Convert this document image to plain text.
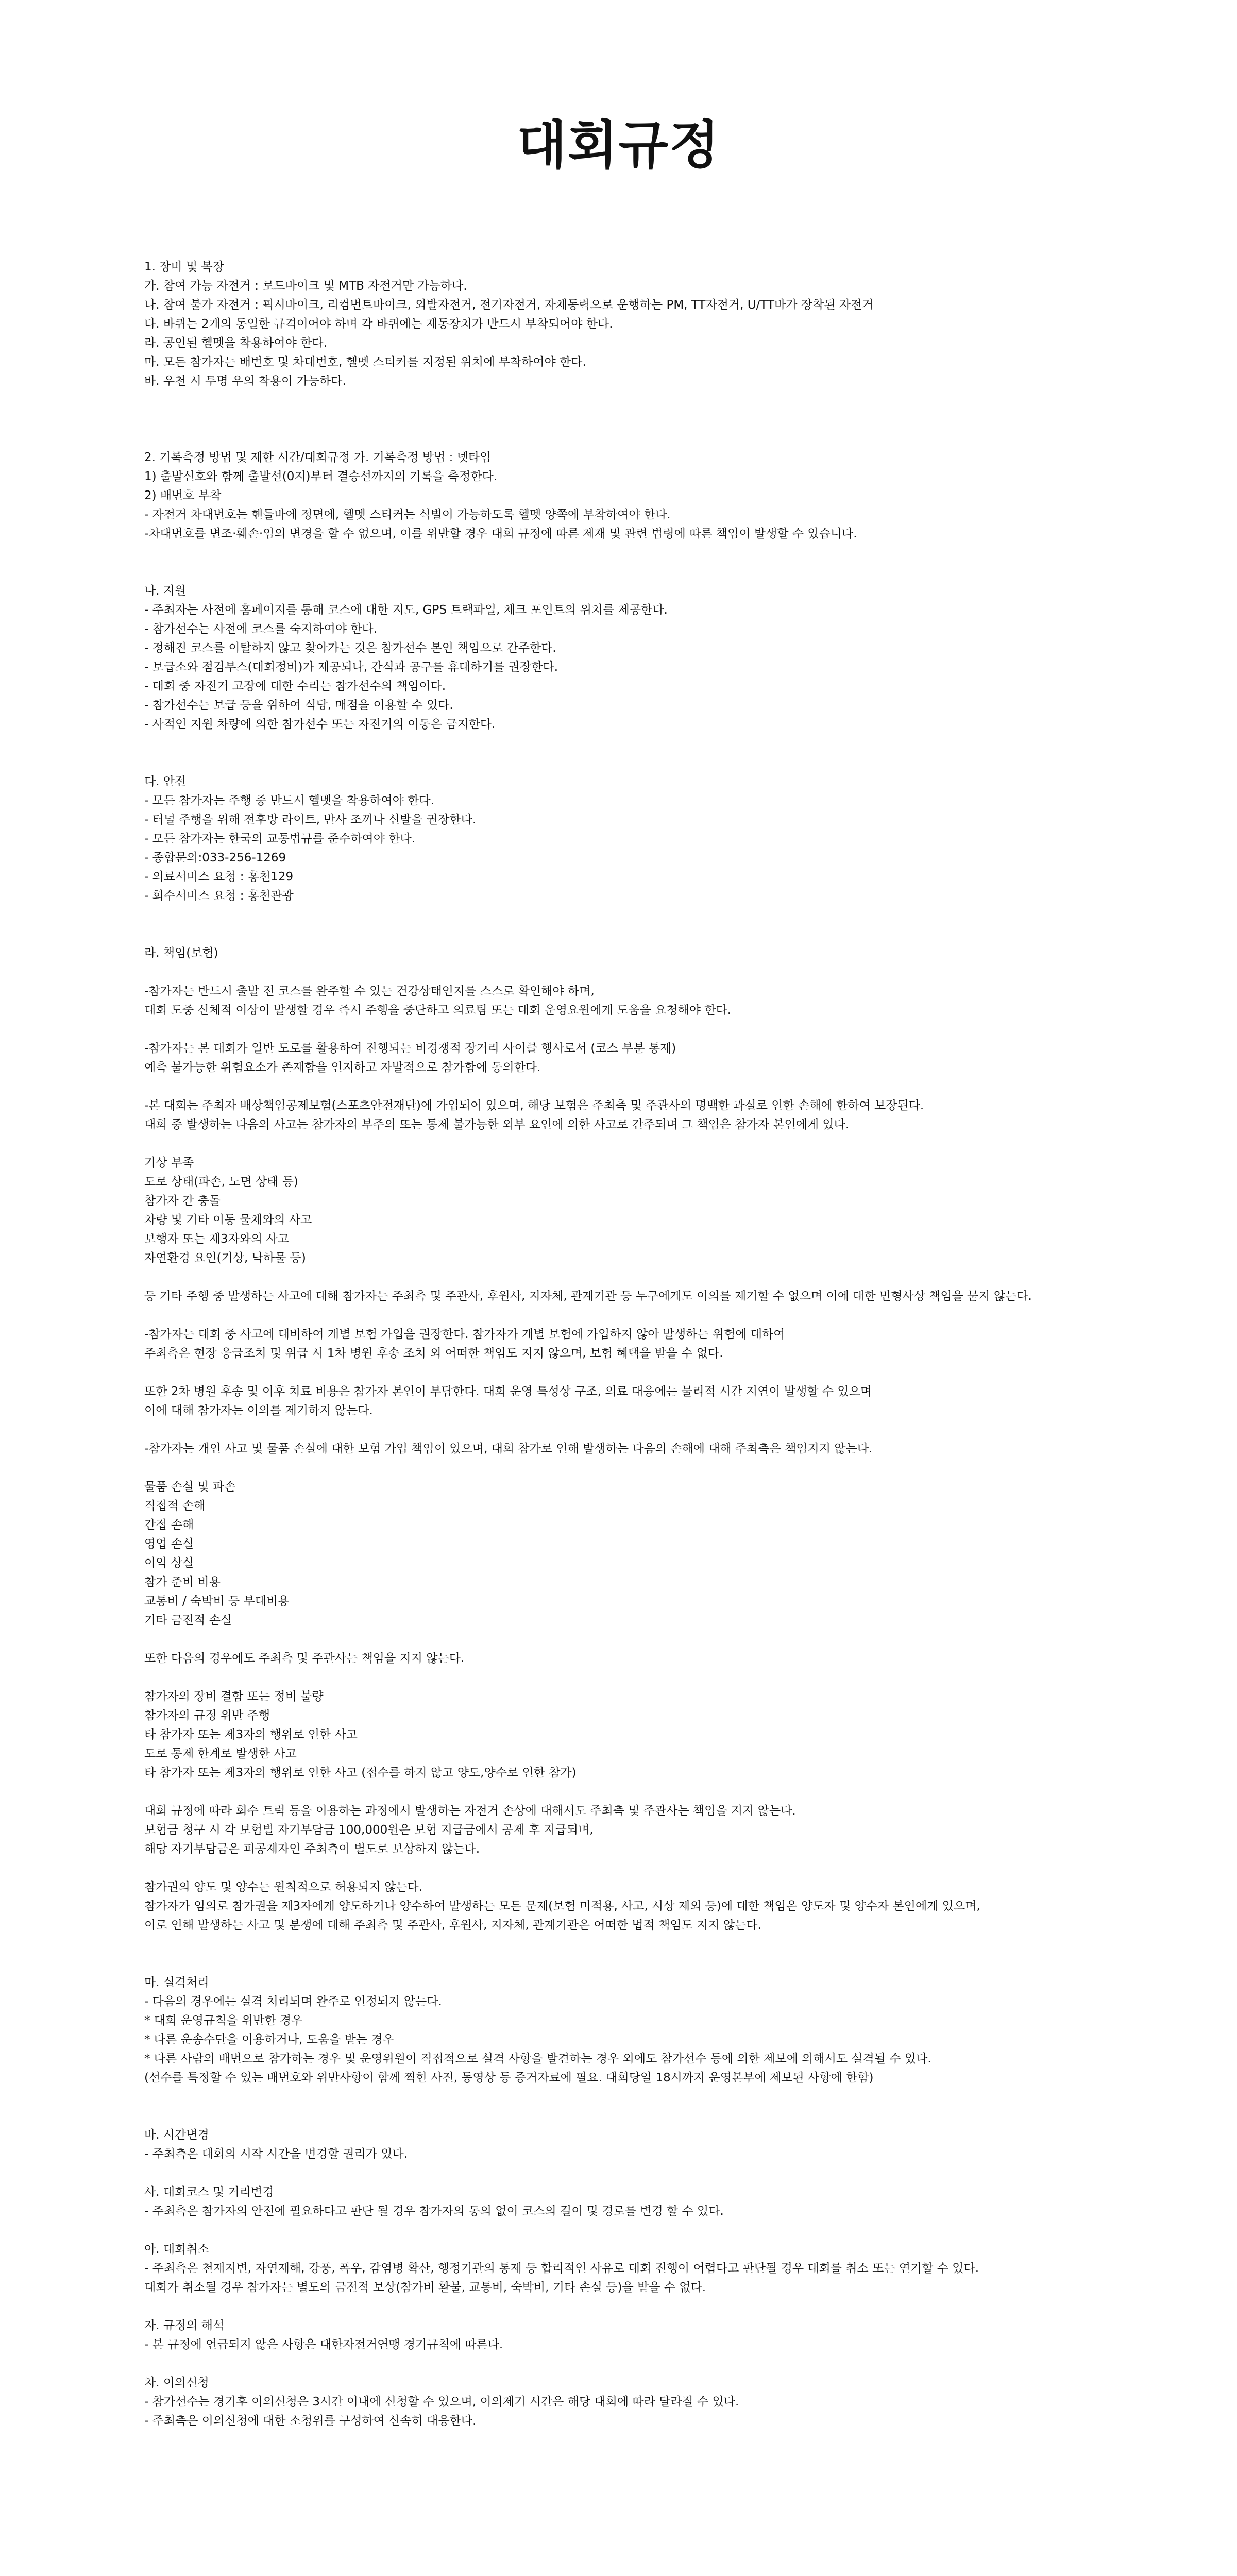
대회규정
1. 장비 및 복장
가. 참여 가능 자전거 : 로드바이크 및 MTB 자전거만 가능하다.
나. 참여 불가 자전거 : 픽시바이크, 리컴번트바이크, 외발자전거, 전기자전거, 자체동력으로 운행하는 PM, TT자전거, U/TT바가 장착된 자전거
다. 바퀴는 2개의 동일한 규격이어야 하며 각 바퀴에는 제동장치가 반드시 부착되어야 한다.
라. 공인된 헬멧을 착용하여야 한다.
마. 모든 참가자는 배번호 및 차대번호, 헬멧 스티커를 지정된 위치에 부착하여야 한다.
바. 우천 시 투명 우의 착용이 가능하다.
2. 기록측정 방법 및 제한 시간/대회규정 가. 기록측정 방법 : 넷타임
1) 출발신호와 함께 출발선(0지)부터 결승선까지의 기록을 측정한다.
2) 배번호 부착
- 자전거 차대번호는 핸들바에 정면에, 헬멧 스티커는 식별이 가능하도록 헬멧 양쪽에 부착하여야 한다.
-차대번호를 변조·훼손·임의 변경을 할 수 없으며, 이를 위반할 경우 대회 규정에 따른 제재 및 관련 법령에 따른 책임이 발생할 수 있습니다.
나. 지원
- 주최자는 사전에 홈페이지를 통해 코스에 대한 지도, GPS 트랙파일, 체크 포인트의 위치를 제공한다.
- 참가선수는 사전에 코스를 숙지하여야 한다.
- 정해진 코스를 이탈하지 않고 찾아가는 것은 참가선수 본인 책임으로 간주한다.
- 보급소와 점검부스(대회정비)가 제공되나, 간식과 공구를 휴대하기를 권장한다.
- 대회 중 자전거 고장에 대한 수리는 참가선수의 책임이다.
- 참가선수는 보급 등을 위하여 식당, 매점을 이용할 수 있다.
- 사적인 지원 차량에 의한 참가선수 또는 자전거의 이동은 금지한다.
다. 안전
- 모든 참가자는 주행 중 반드시 헬멧을 착용하여야 한다.
- 터널 주행을 위해 전후방 라이트, 반사 조끼나 신발을 권장한다.
- 모든 참가자는 한국의 교통법규를 준수하여야 한다.
- 종합문의:033-256-1269
- 의료서비스 요청 : 홍천129
- 회수서비스 요청 : 홍천관광
라. 책임(보험)
-참가자는 반드시 출발 전 코스를 완주할 수 있는 건강상태인지를 스스로 확인해야 하며,
대회 도중 신체적 이상이 발생할 경우 즉시 주행을 중단하고 의료팀 또는 대회 운영요원에게 도움을 요청해야 한다.
-참가자는 본 대회가 일반 도로를 활용하여 진행되는 비경쟁적 장거리 사이클 행사로서 (코스 부분 통제)
예측 불가능한 위험요소가 존재함을 인지하고 자발적으로 참가함에 동의한다.
-본 대회는 주최자 배상책임공제보험(스포츠안전재단)에 가입되어 있으며, 해당 보험은 주최측 및 주관사의 명백한 과실로 인한 손해에 한하여 보장된다.
대회 중 발생하는 다음의 사고는 참가자의 부주의 또는 통제 불가능한 외부 요인에 의한 사고로 간주되며 그 책임은 참가자 본인에게 있다.
기상 부족
도로 상태(파손, 노면 상태 등)
참가자 간 충돌
차량 및 기타 이동 물체와의 사고
보행자 또는 제3자와의 사고
자연환경 요인(기상, 낙하물 등)
등 기타 주행 중 발생하는 사고에 대해 참가자는 주최측 및 주관사, 후원사, 지자체, 관계기관 등 누구에게도 이의를 제기할 수 없으며 이에 대한 민형사상 책임을 묻지 않는다.
-참가자는 대회 중 사고에 대비하여 개별 보험 가입을 권장한다. 참가자가 개별 보험에 가입하지 않아 발생하는 위험에 대하여
주최측은 현장 응급조치 및 위급 시 1차 병원 후송 조치 외 어떠한 책임도 지지 않으며, 보험 혜택을 받을 수 없다.
또한 2차 병원 후송 및 이후 치료 비용은 참가자 본인이 부담한다. 대회 운영 특성상 구조, 의료 대응에는 물리적 시간 지연이 발생할 수 있으며
이에 대해 참가자는 이의를 제기하지 않는다.
-참가자는 개인 사고 및 물품 손실에 대한 보험 가입 책임이 있으며, 대회 참가로 인해 발생하는 다음의 손해에 대해 주최측은 책임지지 않는다.
물품 손실 및 파손
직접적 손해
간접 손해
영업 손실
이익 상실
참가 준비 비용
교통비 / 숙박비 등 부대비용
기타 금전적 손실
또한 다음의 경우에도 주최측 및 주관사는 책임을 지지 않는다.
참가자의 장비 결함 또는 정비 불량
참가자의 규정 위반 주행
타 참가자 또는 제3자의 행위로 인한 사고
도로 통제 한계로 발생한 사고
타 참가자 또는 제3자의 행위로 인한 사고 (접수를 하지 않고 양도,양수로 인한 참가)
대회 규정에 따라 회수 트럭 등을 이용하는 과정에서 발생하는 자전거 손상에 대해서도 주최측 및 주관사는 책임을 지지 않는다.
보험금 청구 시 각 보험별 자기부담금 100,000원은 보험 지급금에서 공제 후 지급되며,
해당 자기부담금은 피공제자인 주최측이 별도로 보상하지 않는다.
참가권의 양도 및 양수는 원칙적으로 허용되지 않는다.
참가자가 임의로 참가권을 제3자에게 양도하거나 양수하여 발생하는 모든 문제(보험 미적용, 사고, 시상 제외 등)에 대한 책임은 양도자 및 양수자 본인에게 있으며,
이로 인해 발생하는 사고 및 분쟁에 대해 주최측 및 주관사, 후원사, 지자체, 관계기관은 어떠한 법적 책임도 지지 않는다.
마. 실격처리
- 다음의 경우에는 실격 처리되며 완주로 인정되지 않는다.
* 대회 운영규칙을 위반한 경우
* 다른 운송수단을 이용하거나, 도움을 받는 경우
* 다른 사람의 배번으로 참가하는 경우 및 운영위원이 직접적으로 실격 사항을 발견하는 경우 외에도 참가선수 등에 의한 제보에 의해서도 실격될 수 있다.
(선수를 특정할 수 있는 배번호와 위반사항이 함께 찍힌 사진, 동영상 등 증거자료에 필요. 대회당일 18시까지 운영본부에 제보된 사항에 한함)
바. 시간변경
- 주최측은 대회의 시작 시간을 변경할 권리가 있다.
사. 대회코스 및 거리변경
- 주최측은 참가자의 안전에 필요하다고 판단 될 경우 참가자의 동의 없이 코스의 길이 및 경로를 변경 할 수 있다.
아. 대회취소
- 주최측은 천재지변, 자연재해, 강풍, 폭우, 감염병 확산, 행정기관의 통제 등 합리적인 사유로 대회 진행이 어렵다고 판단될 경우 대회를 취소 또는 연기할 수 있다.
대회가 취소될 경우 참가자는 별도의 금전적 보상(참가비 환불, 교통비, 숙박비, 기타 손실 등)을 받을 수 없다.
자. 규정의 해석
- 본 규정에 언급되지 않은 사항은 대한자전거연맹 경기규칙에 따른다.
차. 이의신청
- 참가선수는 경기후 이의신청은 3시간 이내에 신청할 수 있으며, 이의제기 시간은 해당 대회에 따라 달라질 수 있다.
- 주최측은 이의신청에 대한 소청위를 구성하여 신속히 대응한다.
